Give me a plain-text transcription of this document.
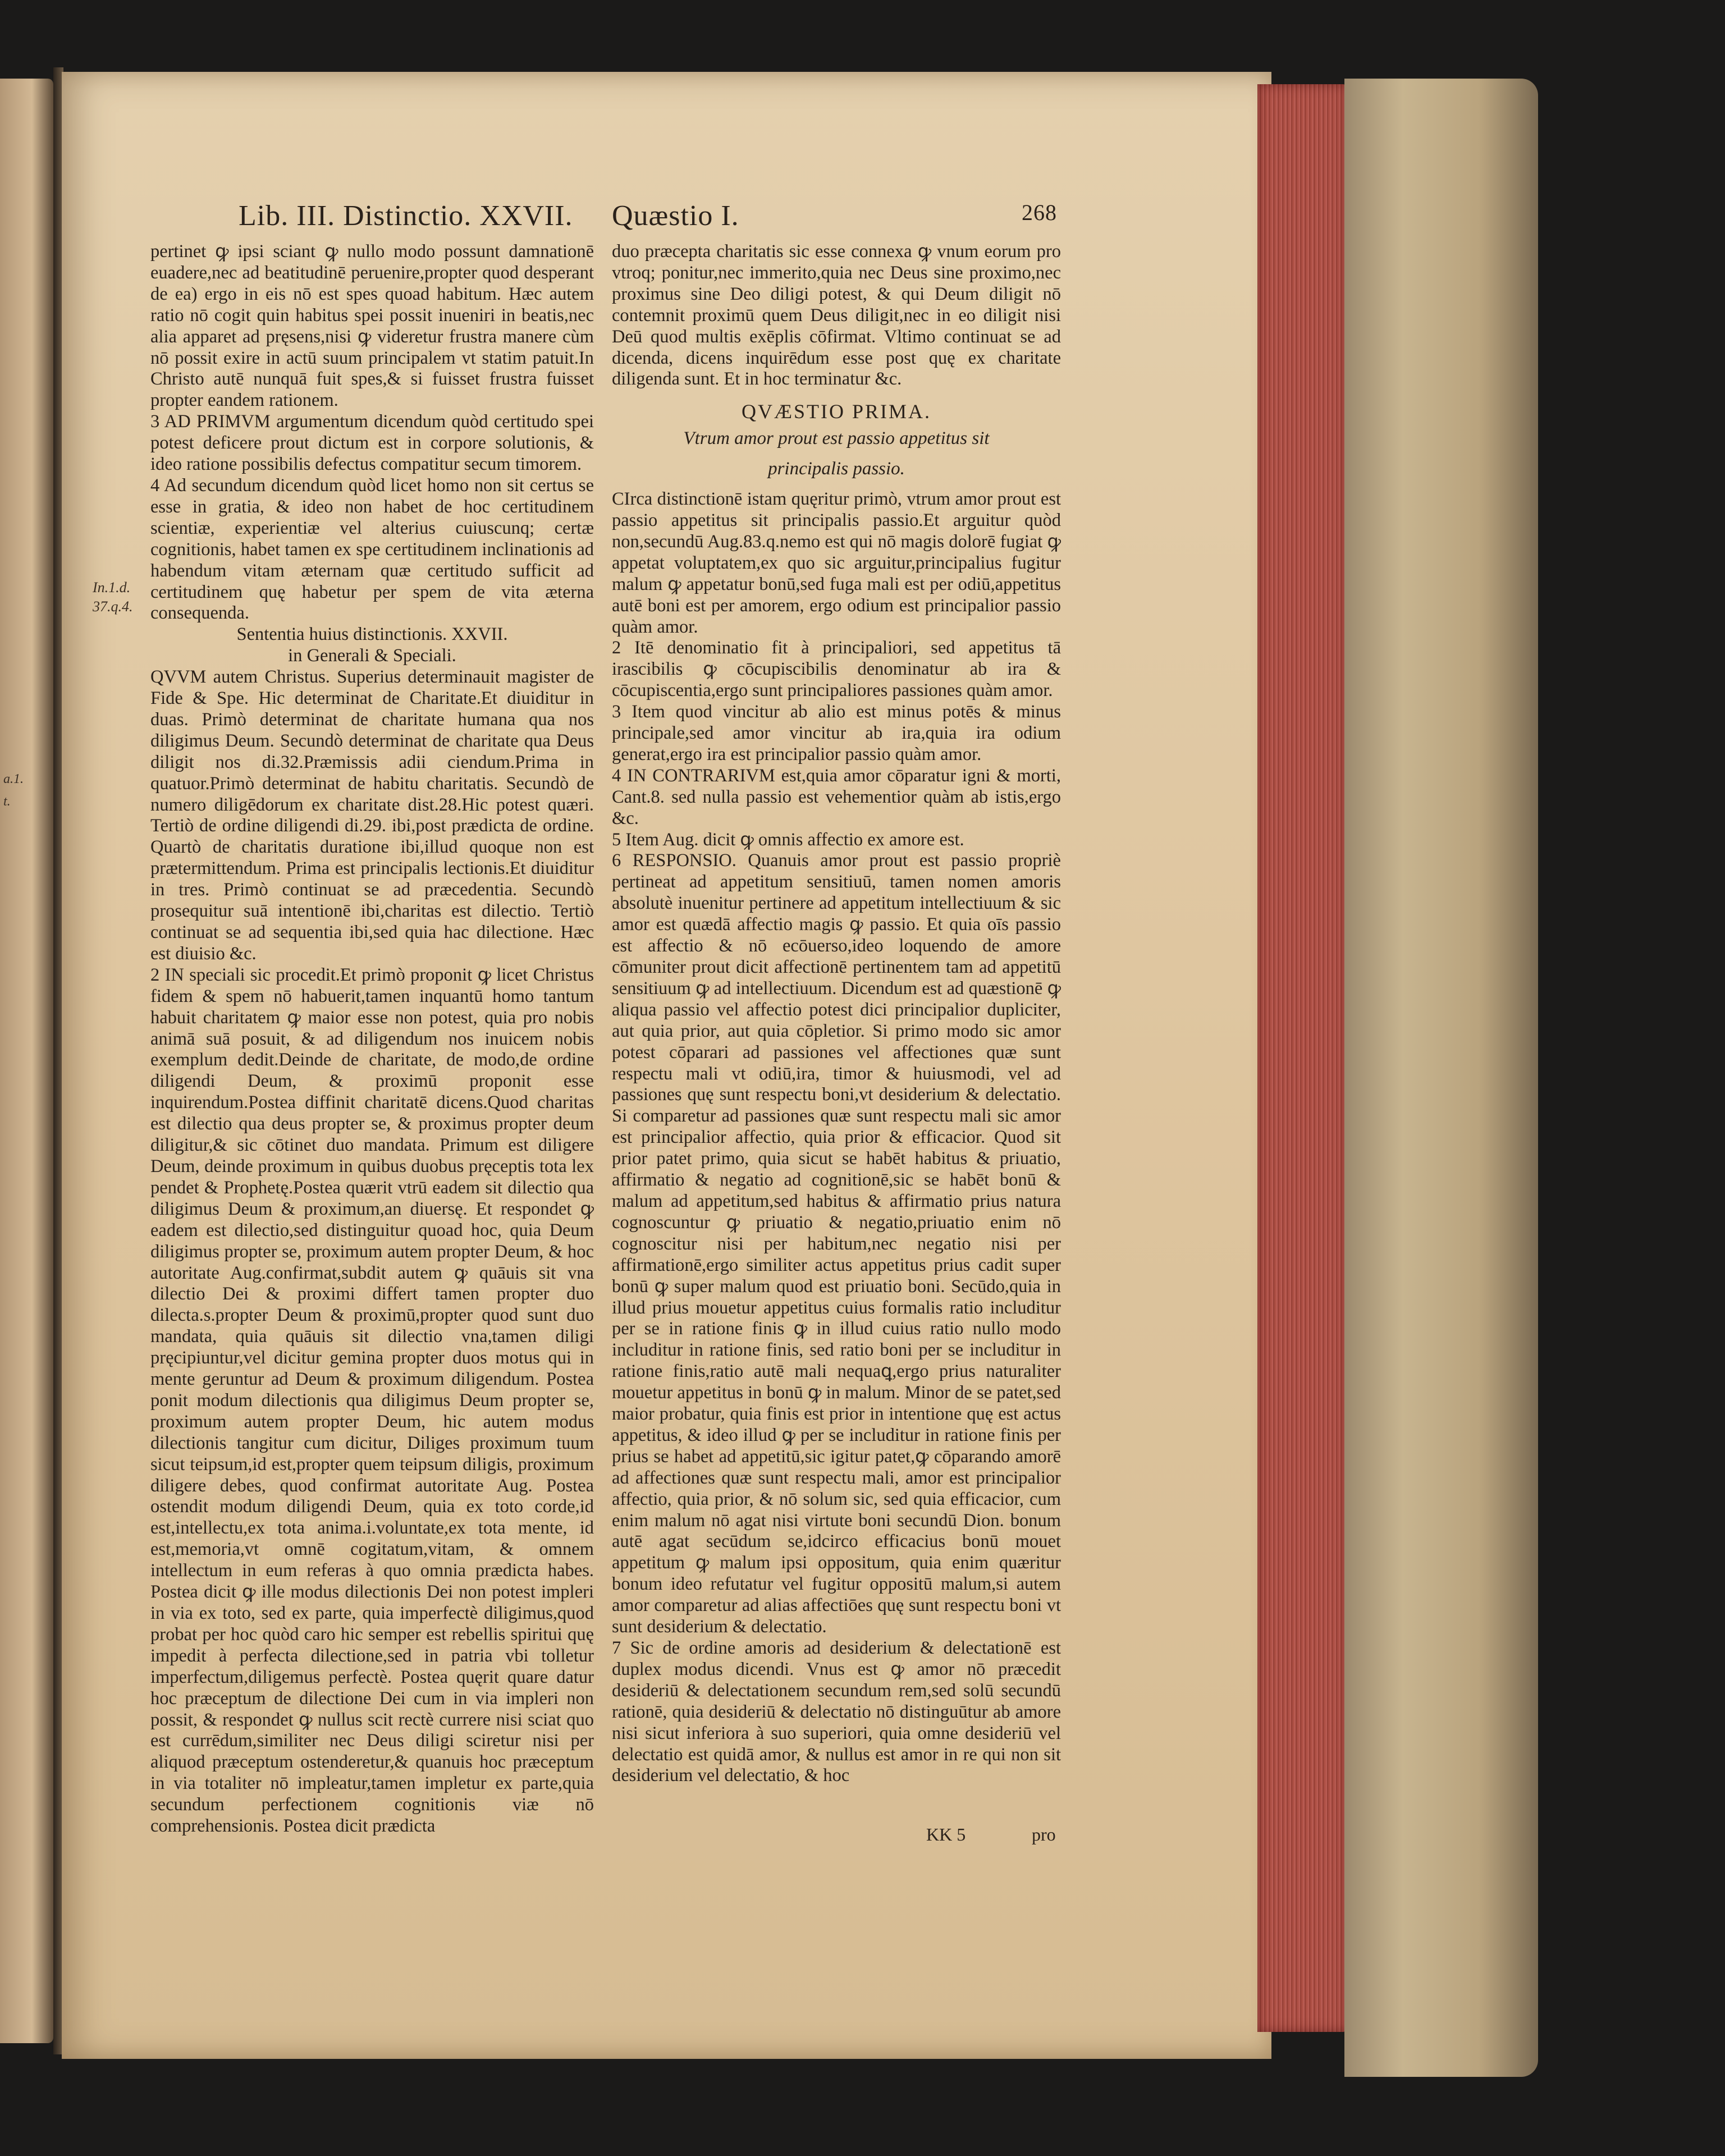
a.1.
t.
Lib. III. Distinctio. XXVII. Quæstio I.	268
In.1.d.
37.q.4.

pertinet ꝙ ipsi sciant ꝙ nullo modo possunt damnationē euadere,nec ad beatitudinē peruenire,propter quod desperant de ea) ergo in eis nō est spes quoad habitum. Hæc autem ratio nō cogit quin habitus spei possit inueniri in beatis,nec alia apparet ad pręsens,nisi ꝙ videretur frustra manere cùm nō possit exire in actū suum principalem vt statim patuit.In Christo autē nunquā fuit spes,& si fuisset frustra fuisset propter eandem rationem.

3 AD PRIMVM argumentum dicendum quòd certitudo spei potest deficere prout dictum est in corpore solutionis, & ideo ratione possibilis defectus compatitur secum timorem.

4 Ad secundum dicendum quòd licet homo non sit certus se esse in gratia, & ideo non habet de hoc certitudinem scientiæ, experientiæ vel alterius cuiuscunq; certæ cognitionis, habet tamen ex spe certitudinem inclinationis ad habendum vitam æternam quæ certitudo sufficit ad certitudinem quę habetur per spem de vita æterna consequenda.

Sententia huius distinctionis. XXVII.

in Generali & Speciali.

QVVM autem Christus. Superius determinauit magister de Fide & Spe. Hic determinat de Charitate.Et diuiditur in duas. Primò determinat de charitate humana qua nos diligimus Deum. Secundò determinat de charitate qua Deus diligit nos di.32.Præmissis adii ciendum.Prima in quatuor.Primò determinat de habitu charitatis. Secundò de numero diligēdorum ex charitate dist.28.Hic potest quæri. Tertiò de ordine diligendi di.29. ibi,post prædicta de ordine. Quartò de charitatis duratione ibi,illud quoque non est prætermittendum. Prima est principalis lectionis.Et diuiditur in tres. Primò continuat se ad præcedentia. Secundò prosequitur suā intentionē ibi,charitas est dilectio. Tertiò continuat se ad sequentia ibi,sed quia hac dilectione. Hæc est diuisio &c.

2 IN speciali sic procedit.Et primò proponit ꝙ licet Christus fidem & spem nō habuerit,tamen inquantū homo tantum habuit charitatem ꝙ maior esse non potest, quia pro nobis animā suā posuit, & ad diligendum nos inuicem nobis exemplum dedit.Deinde de charitate, de modo,de ordine diligendi Deum, & proximū proponit esse inquirendum.Postea diffinit charitatē dicens.Quod charitas est dilectio qua deus propter se, & proximus propter deum diligitur,& sic cōtinet duo mandata. Primum est diligere Deum, deinde proximum in quibus duobus pręceptis tota lex pendet & Prophetę.Postea quærit vtrū eadem sit dilectio qua diligimus Deum & proximum,an diuersę. Et respondet ꝙ eadem est dilectio,sed distinguitur quoad hoc, quia Deum diligimus propter se, proximum autem propter Deum, & hoc autoritate Aug.confirmat,subdit autem ꝙ quāuis sit vna dilectio Dei & proximi differt tamen propter duo dilecta.s.propter Deum & proximū,propter quod sunt duo mandata, quia quāuis sit dilectio vna,tamen diligi pręcipiuntur,vel dicitur gemina propter duos motus qui in mente geruntur ad Deum & proximum diligendum. Postea ponit modum dilectionis qua diligimus Deum propter se, proximum autem propter Deum, hic autem modus dilectionis tangitur cum dicitur, Diliges proximum tuum sicut teipsum,id est,propter quem teipsum diligis, proximum diligere debes, quod confirmat autoritate Aug. Postea ostendit modum diligendi Deum, quia ex toto corde,id est,intellectu,ex tota anima.i.voluntate,ex tota mente, id est,memoria,vt omnē cogitatum,vitam, & omnem intellectum in eum referas à quo omnia prædicta habes. Postea dicit ꝙ ille modus dilectionis Dei non potest impleri in via ex toto, sed ex parte, quia imperfectè diligimus,quod probat per hoc quòd caro hic semper est rebellis spiritui quę impedit à perfecta dilectione,sed in patria vbi tolletur imperfectum,diligemus perfectè. Postea quęrit quare datur hoc præceptum de dilectione Dei cum in via impleri non possit, & respondet ꝙ nullus scit rectè currere nisi sciat quo est currēdum,similiter nec Deus diligi sciretur nisi per aliquod præceptum ostenderetur,& quanuis hoc præceptum in via totaliter nō impleatur,tamen impletur ex parte,quia secundum perfectionem cognitionis viæ nō comprehensionis. Postea dicit prædicta

duo præcepta charitatis sic esse connexa ꝙ vnum eorum pro vtroq; ponitur,nec immerito,quia nec Deus sine proximo,nec proximus sine Deo diligi potest, & qui Deum diligit nō contemnit proximū quem Deus diligit,nec in eo diligit nisi Deū quod multis exēplis cōfirmat. Vltimo continuat se ad dicenda, dicens inquirēdum esse post quę ex charitate diligenda sunt. Et in hoc terminatur &c.

QVÆSTIO PRIMA.

Vtrum amor prout est passio appetitus sit

principalis passio.

CIrca distinctionē istam quęritur primò, vtrum amor prout est passio appetitus sit principalis passio.Et arguitur quòd non,secundū Aug.83.q.nemo est qui nō magis dolorē fugiat ꝙ appetat voluptatem,ex quo sic arguitur,principalius fugitur malum ꝙ appetatur bonū,sed fuga mali est per odiū,appetitus autē boni est per amorem, ergo odium est principalior passio quàm amor.

2 Itē denominatio fit à principaliori, sed appetitus tā irascibilis ꝙ cōcupiscibilis denominatur ab ira & cōcupiscentia,ergo sunt principaliores passiones quàm amor.

3 Item quod vincitur ab alio est minus potēs & minus principale,sed amor vincitur ab ira,quia ira odium generat,ergo ira est principalior passio quàm amor.

4 IN CONTRARIVM est,quia amor cōparatur igni & morti, Cant.8. sed nulla passio est vehementior quàm ab istis,ergo &c.

5 Item Aug. dicit ꝙ omnis affectio ex amore est.

6 RESPONSIO. Quanuis amor prout est passio propriè pertineat ad appetitum sensitiuū, tamen nomen amoris absolutè inuenitur pertinere ad appetitum intellectiuum & sic amor est quædā affectio magis ꝙ passio. Et quia oīs passio est affectio & nō ecōuerso,ideo loquendo de amore cōmuniter prout dicit affectionē pertinentem tam ad appetitū sensitiuum ꝙ ad intellectiuum. Dicendum est ad quæstionē ꝙ aliqua passio vel affectio potest dici principalior dupliciter, aut quia prior, aut quia cōpletior. Si primo modo sic amor potest cōparari ad passiones vel affectiones quæ sunt respectu mali vt odiū,ira, timor & huiusmodi, vel ad passiones quę sunt respectu boni,vt desiderium & delectatio. Si comparetur ad passiones quæ sunt respectu mali sic amor est principalior affectio, quia prior & efficacior. Quod sit prior patet primo, quia sicut se habēt habitus & priuatio, affirmatio & negatio ad cognitionē,sic se habēt bonū & malum ad appetitum,sed habitus & affirmatio prius natura cognoscuntur ꝙ priuatio & negatio,priuatio enim nō cognoscitur nisi per habitum,nec negatio nisi per affirmationē,ergo similiter actus appetitus prius cadit super bonū ꝙ super malum quod est priuatio boni. Secūdo,quia in illud prius mouetur appetitus cuius formalis ratio includitur per se in ratione finis ꝙ in illud cuius ratio nullo modo includitur in ratione finis, sed ratio boni per se includitur in ratione finis,ratio autē mali nequaꝗ,ergo prius naturaliter mouetur appetitus in bonū ꝙ in malum. Minor de se patet,sed maior probatur, quia finis est prior in intentione quę est actus appetitus, & ideo illud ꝙ per se includitur in ratione finis per prius se habet ad appetitū,sic igitur patet,ꝙ cōparando amorē ad affectiones quæ sunt respectu mali, amor est principalior affectio, quia prior, & nō solum sic, sed quia efficacior, cum enim malum nō agat nisi virtute boni secundū Dion. bonum autē agat secūdum se,idcirco efficacius bonū mouet appetitum ꝙ malum ipsi oppositum, quia enim quæritur bonum ideo refutatur vel fugitur oppositū malum,si autem amor comparetur ad alias affectiōes quę sunt respectu boni vt sunt desiderium & delectatio.

7 Sic de ordine amoris ad desiderium & delectationē est duplex modus dicendi. Vnus est ꝙ amor nō præcedit desideriū & delectationem secundum rem,sed solū secundū rationē, quia desideriū & delectatio nō distinguūtur ab amore nisi sicut inferiora à suo superiori, quia omne desideriū vel delectatio est quidā amor, & nullus est amor in re qui non sit desiderium vel delectatio, & hoc

KK 5	pro
